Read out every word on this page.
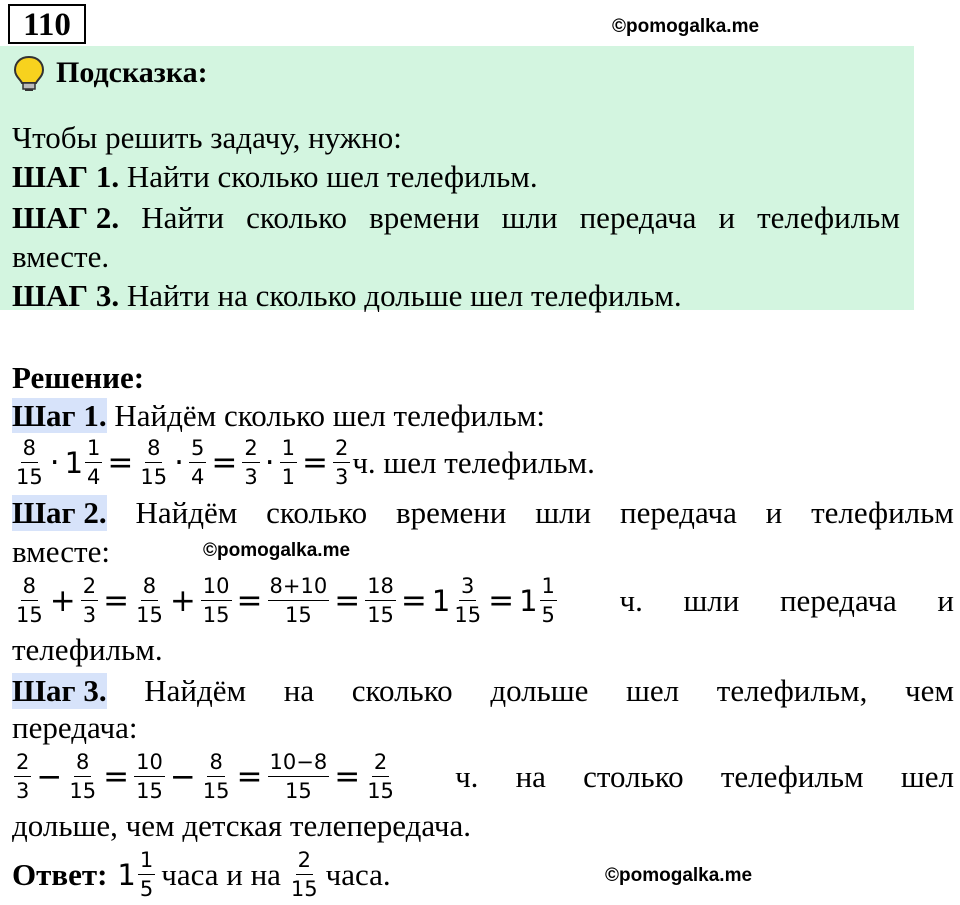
110	©pomogalka.me
Подсказка:
Чтобы решить задачу, нужно:
ШАГ 1. Найти сколько шел телефильм.
ШАГ 2. Найти сколько времени шли передача и телефильм
вместе.
ШАГ 3. Найти на сколько дольше шел телефильм.
Решение:
Шаг 1. Найдём сколько шел телефильм:
$\frac{8}{15} \cdot 1 \frac{1}{4} = \frac{8}{15} \cdot \frac{5}{4} = \frac{2}{3} \cdot \frac{1}{1} = \frac{2}{3} ч$. шел телефильм.
Шаг 2. Найдём сколько времени шли передача и телефильм
вместе:	©pomogalka.me
$\frac{8}{15} + \frac{2}{3} = \frac{8}{15} + \frac{10}{15} = \frac{8+10}{15} = \frac{18}{15} = 1 \frac{3}{15} = 1 \frac{1}{5} ч$. шли передача и
телефильм.
Шаг 3. Найдём на сколько дольше шел телефильм, чем
передача:
$\frac{2}{3} - \frac{8}{15} = \frac{10}{15} - \frac{8}{15} = \frac{10-8}{15} = \frac{2}{15} ч$. на столько телефильм шел
дольше, чем детская телепередача.
Ответ: $1 \frac{1}{5}$ часа и на $\frac{2}{15}$ часа.	©pomogalka.me
